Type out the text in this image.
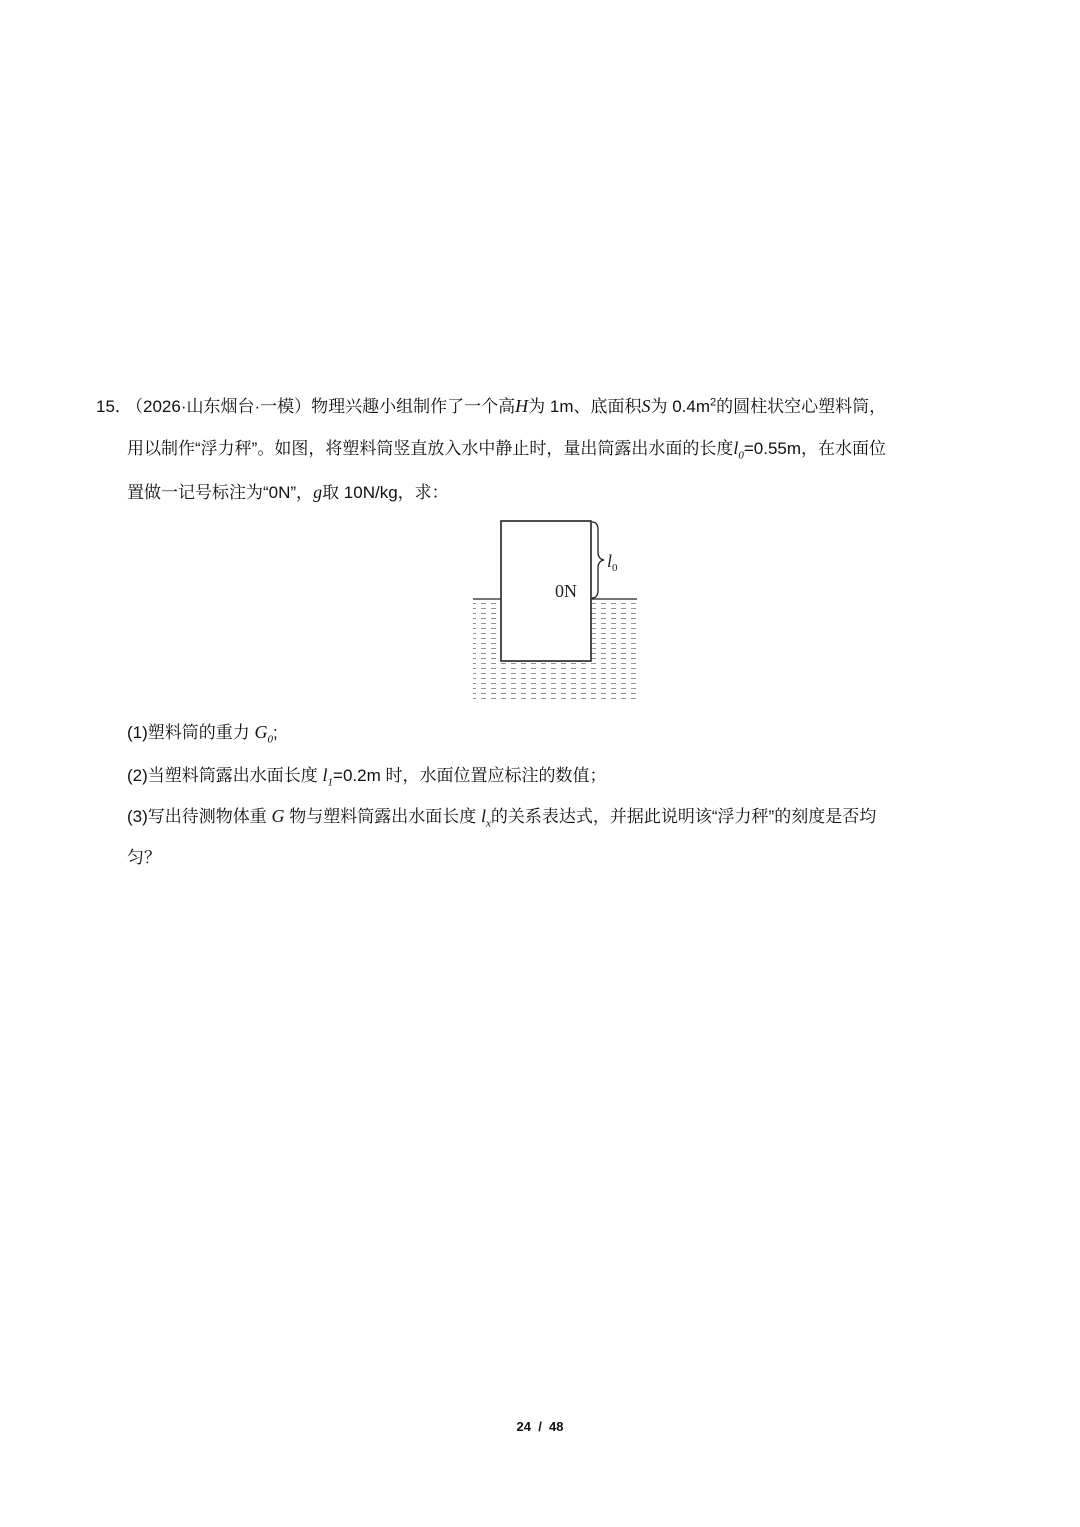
15．（2026·山东烟台·一模）物理兴趣小组制作了一个高H为 1m、底面积S为 $0.4m^2$的圆柱状空心塑料筒，
用以制作“浮力秤”。如图，将塑料筒竖直放入水中静止时，量出筒露出水面的长度$l_0=0.55m$，在水面位
置做一记号标注为“0N”，g取 10N/kg，求：
$l_0$
0N
(1)塑料筒的重力 $G_0$;
(2)当塑料筒露出水面长度 $l_1=0.2m$ 时，水面位置应标注的数值；
(3)写出待测物体重 G 物与塑料筒露出水面长度 $l_x$的关系表达式，并据此说明该“浮力秤”的刻度是否均
匀？
24 / 48
